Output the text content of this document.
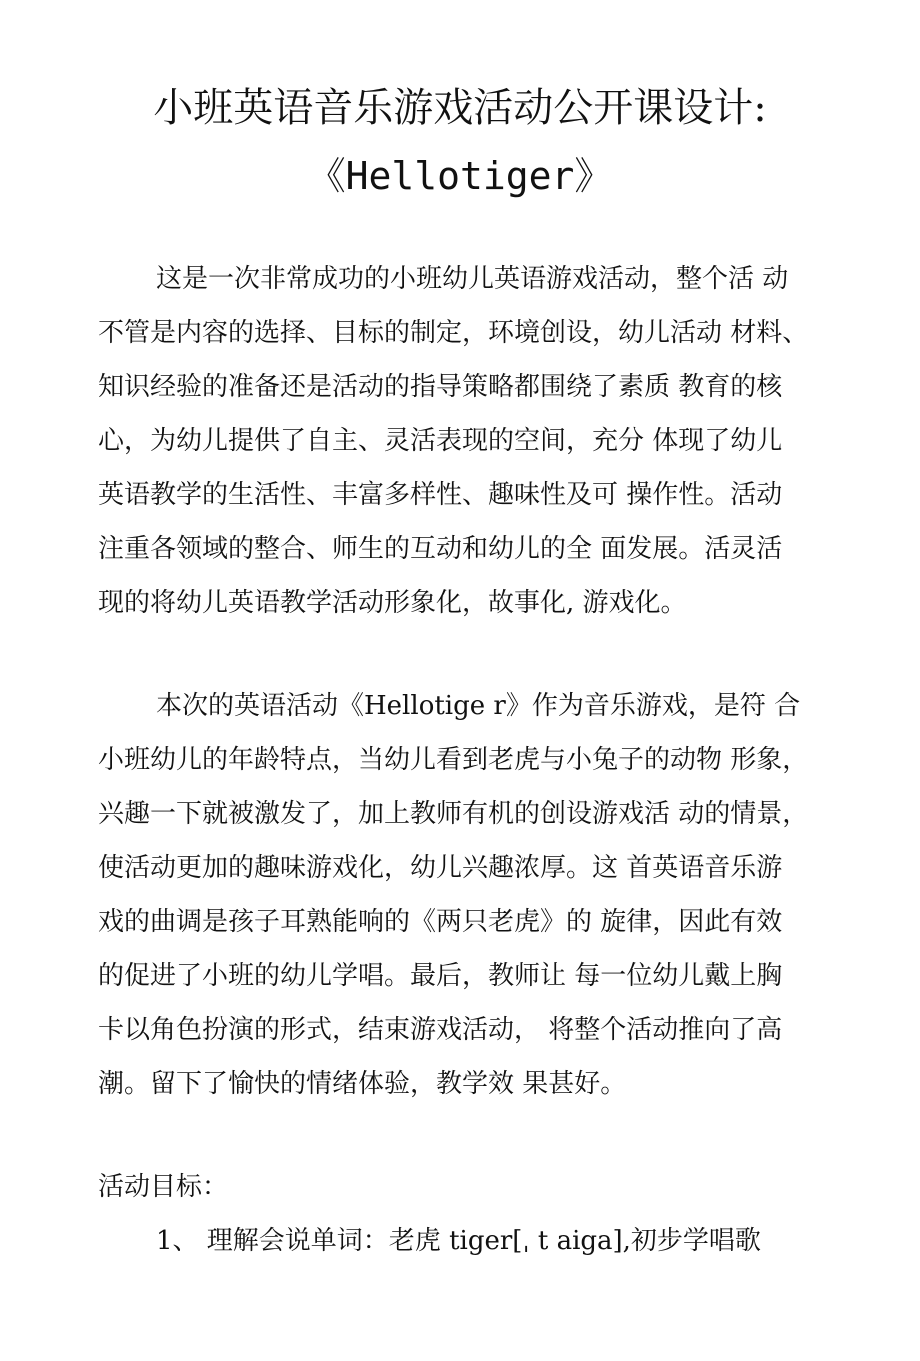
小班英语音乐游戏活动公开课设计:
《Hellotiger》
这是一次非常成功的小班幼儿英语游戏活动，整个活 动
不管是内容的选择、目标的制定，环境创设，幼儿活动 材料、
知识经验的准备还是活动的指导策略都围绕了素质 教育的核
心，为幼儿提供了自主、灵活表现的空间，充分 体现了幼儿
英语教学的生活性、丰富多样性、趣味性及可 操作性。活动
注重各领域的整合、师生的互动和幼儿的全 面发展。活灵活
现的将幼儿英语教学活动形象化，故事化, 游戏化。
本次的英语活动《Hellotige r》作为音乐游戏，是符 合
小班幼儿的年龄特点，当幼儿看到老虎与小兔子的动物 形象，
兴趣一下就被激发了，加上教师有机的创设游戏活 动的情景，
使活动更加的趣味游戏化，幼儿兴趣浓厚。这 首英语音乐游
戏的曲调是孩子耳熟能响的《两只老虎》的 旋律，因此有效
的促进了小班的幼儿学唱。最后，教师让 每一位幼儿戴上胸
卡以角色扮演的形式，结束游戏活动， 将整个活动推向了高
潮。留下了愉快的情绪体验，教学效 果甚好。
活动目标：

1、 理解会说单词：老虎 tiger[ˌ t aiga],初步学唱歌
